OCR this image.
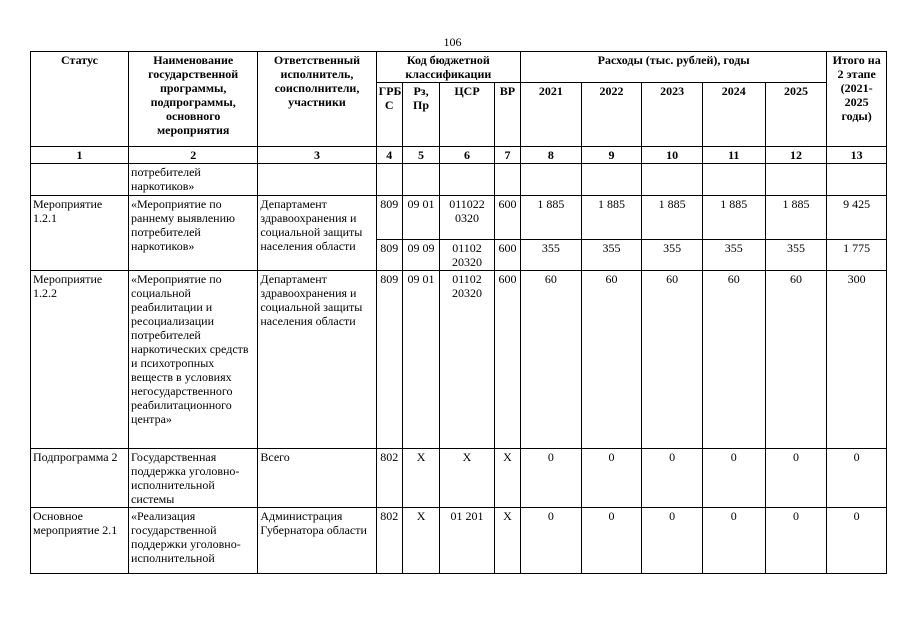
106
Статус	Наименование государственной программы, подпрограммы, основного мероприятия	Ответственный исполнитель, соисполнители, участники	Код бюджетной классификации				Расходы (тыс. рублей), годы					Итого на 2 этапе (2021-2025 годы)
			ГРБ С	Рз, Пр	ЦСР	ВР	2021	2022	2023	2024	2025	
1	2	3	4	5	6	7	8	9	10	11	12	13
	потребителей наркотиков»											
Мероприятие 1.2.1	«Мероприятие по раннему выявлению потребителей наркотиков»	Департамент здравоохранения и социальной защиты населения области	809	09 01	011022 0320	600	1 885	1 885	1 885	1 885	1 885	9 425
			809	09 09	01102 20320	600	355	355	355	355	355	1 775
Мероприятие 1.2.2	«Мероприятие по социальной реабилитации и ресоциализации потребителей наркотических средств и психотропных веществ в условиях негосударственного реабилитационного центра»	Департамент здравоохранения и социальной защиты населения области	809	09 01	01102 20320	600	60	60	60	60	60	300
Подпрограмма 2	Государственная поддержка уголовно-исполнительной системы	Всего	802	X	X	X	0	0	0	0	0	0
Основное мероприятие 2.1	«Реализация государственной поддержки уголовно-исполнительной	Администрация Губернатора области	802	X	01 201	X	0	0	0	0	0	0
